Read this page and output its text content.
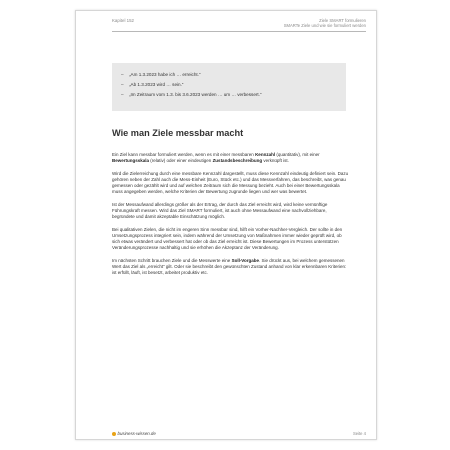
Kapitel 152	Ziele SMART formulieren
SMARTe Ziele und wie sie formuliert werden
– „Am 1.3.2023 habe ich … erreicht.“
– „Ab 1.3.2023 wird … sein.“
– „Im Zeitraum vom 1.3. bis 3.6.2023 werden … um … verbessert.“
Wie man Ziele messbar macht

Ein Ziel kann messbar formuliert werden, wenn es mit einer messbaren Kennzahl (quantitativ), mit einer Bewertungsskala (relativ) oder einer eindeutigen Zustandsbeschreibung verknüpft ist.

Wird die Zielerreichung durch eine messbare Kennzahl dargestellt, muss diese Kennzahl eindeutig definiert sein. Dazu gehören neben der Zahl auch die Mess-Einheit (Euro, Stück etc.) und das Messverfahren, das beschreibt, was genau gemessen oder gezählt wird und auf welchen Zeitraum sich die Messung bezieht. Auch bei einer Bewertungsskala muss angegeben werden, welche Kriterien der Bewertung zugrunde liegen und wer was bewertet.

Ist der Messaufwand allerdings größer als der Ertrag, der durch das Ziel erreicht wird, wird keine vernünftige Führungskraft messen. Wird das Ziel SMART formuliert, ist auch ohne Messaufwand eine nachvollziehbare, begründete und damit akzeptable Einschätzung möglich.

Bei qualitativen Zielen, die nicht im engeren Sinn messbar sind, hilft ein Vorher-Nachher-Vergleich. Der sollte in den Umsetzungsprozess integriert sein, indem während der Umsetzung von Maßnahmen immer wieder geprüft wird, ob sich etwas verändert und verbessert hat oder ob das Ziel erreicht ist. Diese Bewertungen im Prozess unterstützen Veränderungsprozesse nachhaltig und sie erhöhen die Akzeptanz der Veränderung.

Im nächsten Schritt brauchen Ziele und die Messwerte eine Soll-Vorgabe. Sie drückt aus, bei welchem gemessenen Wert das Ziel als „erreicht“ gilt. Oder sie beschreibt den gewünschten Zustand anhand von klar erkennbaren Kriterien: ist erfüllt, läuft, ist besetzt, arbeitet produktiv etc.

business-wissen.de	Seite 4
